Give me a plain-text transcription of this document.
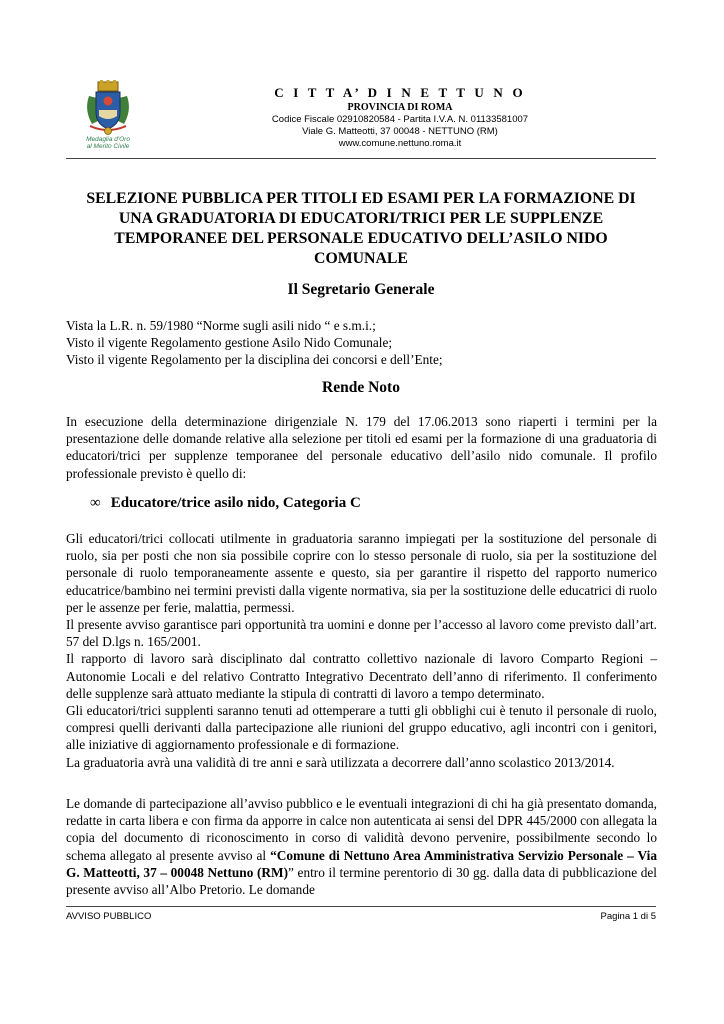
Medaglia d'Oro
al Merito Civile
C I T T A’ D I N E T T U N O
PROVINCIA DI ROMA
Codice Fiscale 02910820584 - Partita I.V.A. N. 01133581007
Viale G. Matteotti, 37 00048 - NETTUNO (RM)
www.comune.nettuno.roma.it
SELEZIONE PUBBLICA PER TITOLI ED ESAMI PER LA FORMAZIONE DI
UNA GRADUATORIA DI EDUCATORI/TRICI PER LE SUPPLENZE
TEMPORANEE DEL PERSONALE EDUCATIVO DELL’ASILO NIDO
COMUNALE
Il Segretario Generale
Vista la L.R. n. 59/1980 “Norme sugli asili nido “ e s.m.i.;
Visto il vigente Regolamento gestione Asilo Nido Comunale;
Visto il vigente Regolamento per la disciplina dei concorsi e dell’Ente;
Rende Noto
In esecuzione della determinazione dirigenziale N. 179 del 17.06.2013 sono riaperti i termini per la presentazione delle domande relative alla selezione per titoli ed esami per la formazione di una graduatoria di educatori/trici per supplenze temporanee del personale educativo dell’asilo nido comunale. Il profilo professionale previsto è quello di:
∞ Educatore/trice asilo nido, Categoria C
Gli educatori/trici collocati utilmente in graduatoria saranno impiegati per la sostituzione del personale di ruolo, sia per posti che non sia possibile coprire con lo stesso personale di ruolo, sia per la sostituzione del personale di ruolo temporaneamente assente e questo, sia per garantire il rispetto del rapporto numerico educatrice/bambino nei termini previsti dalla vigente normativa, sia per la sostituzione delle educatrici di ruolo per le assenze per ferie, malattia, permessi.
Il presente avviso garantisce pari opportunità tra uomini e donne per l’accesso al lavoro come previsto dall’art. 57 del D.lgs n. 165/2001.
Il rapporto di lavoro sarà disciplinato dal contratto collettivo nazionale di lavoro Comparto Regioni – Autonomie Locali e del relativo Contratto Integrativo Decentrato dell’anno di riferimento. Il conferimento delle supplenze sarà attuato mediante la stipula di contratti di lavoro a tempo determinato.
Gli educatori/trici supplenti saranno tenuti ad ottemperare a tutti gli obblighi cui è tenuto il personale di ruolo, compresi quelli derivanti dalla partecipazione alle riunioni del gruppo educativo, agli incontri con i genitori, alle iniziative di aggiornamento professionale e di formazione.
La graduatoria avrà una validità di tre anni e sarà utilizzata a decorrere dall’anno scolastico 2013/2014.
Le domande di partecipazione all’avviso pubblico e le eventuali integrazioni di chi ha già presentato domanda, redatte in carta libera e con firma da apporre in calce non autenticata ai sensi del DPR 445/2000 con allegata la copia del documento di riconoscimento in corso di validità devono pervenire, possibilmente secondo lo schema allegato al presente avviso al “Comune di Nettuno Area Amministrativa Servizio Personale – Via G. Matteotti, 37 – 00048 Nettuno (RM)” entro il termine perentorio di 30 gg. dalla data di pubblicazione del presente avviso all’Albo Pretorio. Le domande
AVVISO PUBBLICO	Pagina 1 di 5
